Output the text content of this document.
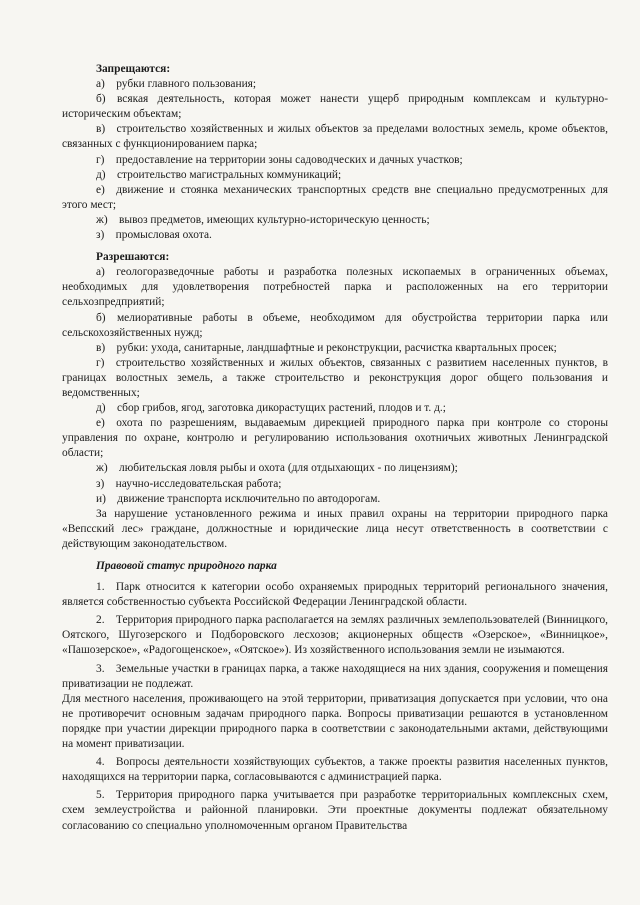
Запрещаются:

а) рубки главного пользования;

б) всякая деятельность, которая может нанести ущерб природным комплексам и культурно-историческим объектам;

в) строительство хозяйственных и жилых объектов за пределами волостных земель, кроме объектов, связанных с функционированием парка;

г) предоставление на территории зоны садоводческих и дачных участков;

д) строительство магистральных коммуникаций;

е) движение и стоянка механических транспортных средств вне специально предусмотренных для этого мест;

ж) вывоз предметов, имеющих культурно-историческую ценность;

з) промысловая охота.

Разрешаются:

а) геологоразведочные работы и разработка полезных ископаемых в ограниченных объемах, необходимых для удовлетворения потребностей парка и расположенных на его территории сельхозпредприятий;

б) мелиоративные работы в объеме, необходимом для обустройства территории парка или сельскохозяйственных нужд;

в) рубки: ухода, санитарные, ландшафтные и реконструкции, расчистка квартальных просек;

г) строительство хозяйственных и жилых объектов, связанных с развитием населенных пунктов, в границах волостных земель, а также строительство и реконструкция дорог общего пользования и ведомственных;

д) сбор грибов, ягод, заготовка дикорастущих растений, плодов и т. д.;

е) охота по разрешениям, выдаваемым дирекцией природного парка при контроле со стороны управления по охране, контролю и регулированию использования охотничьих животных Ленинградской области;

ж) любительская ловля рыбы и охота (для отдыхающих - по лицензиям);

з) научно-исследовательская работа;

и) движение транспорта исключительно по автодорогам.

За нарушение установленного режима и иных правил охраны на территории природного парка «Вепсский лес» граждане, должностные и юридические лица несут ответственность в соответствии с действующим законодательством.

Правовой статус природного парка

1. Парк относится к категории особо охраняемых природных территорий регионального значения, является собственностью субъекта Российской Федерации Ленинградской области.

2. Территория природного парка располагается на землях различных землепользователей (Винницкого, Оятского, Шугозерского и Подборовского лесхозов; акционерных обществ «Озерское», «Винницкое», «Пашозерское», «Радогощенское», «Оятское»). Из хозяйственного использования земли не изымаются.

3. Земельные участки в границах парка, а также находящиеся на них здания, сооружения и помещения приватизации не подлежат.

Для местного населения, проживающего на этой территории, приватизация допускается при условии, что она не противоречит основным задачам природного парка. Вопросы приватизации решаются в установленном порядке при участии дирекции природного парка в соответствии с законодательными актами, действующими на момент приватизации.

4. Вопросы деятельности хозяйствующих субъектов, а также проекты развития населенных пунктов, находящихся на территории парка, согласовываются с администрацией парка.

5. Территория природного парка учитывается при разработке территориальных комплексных схем, схем землеустройства и районной планировки. Эти проектные документы подлежат обязательному согласованию со специально уполномоченным органом Правительства
